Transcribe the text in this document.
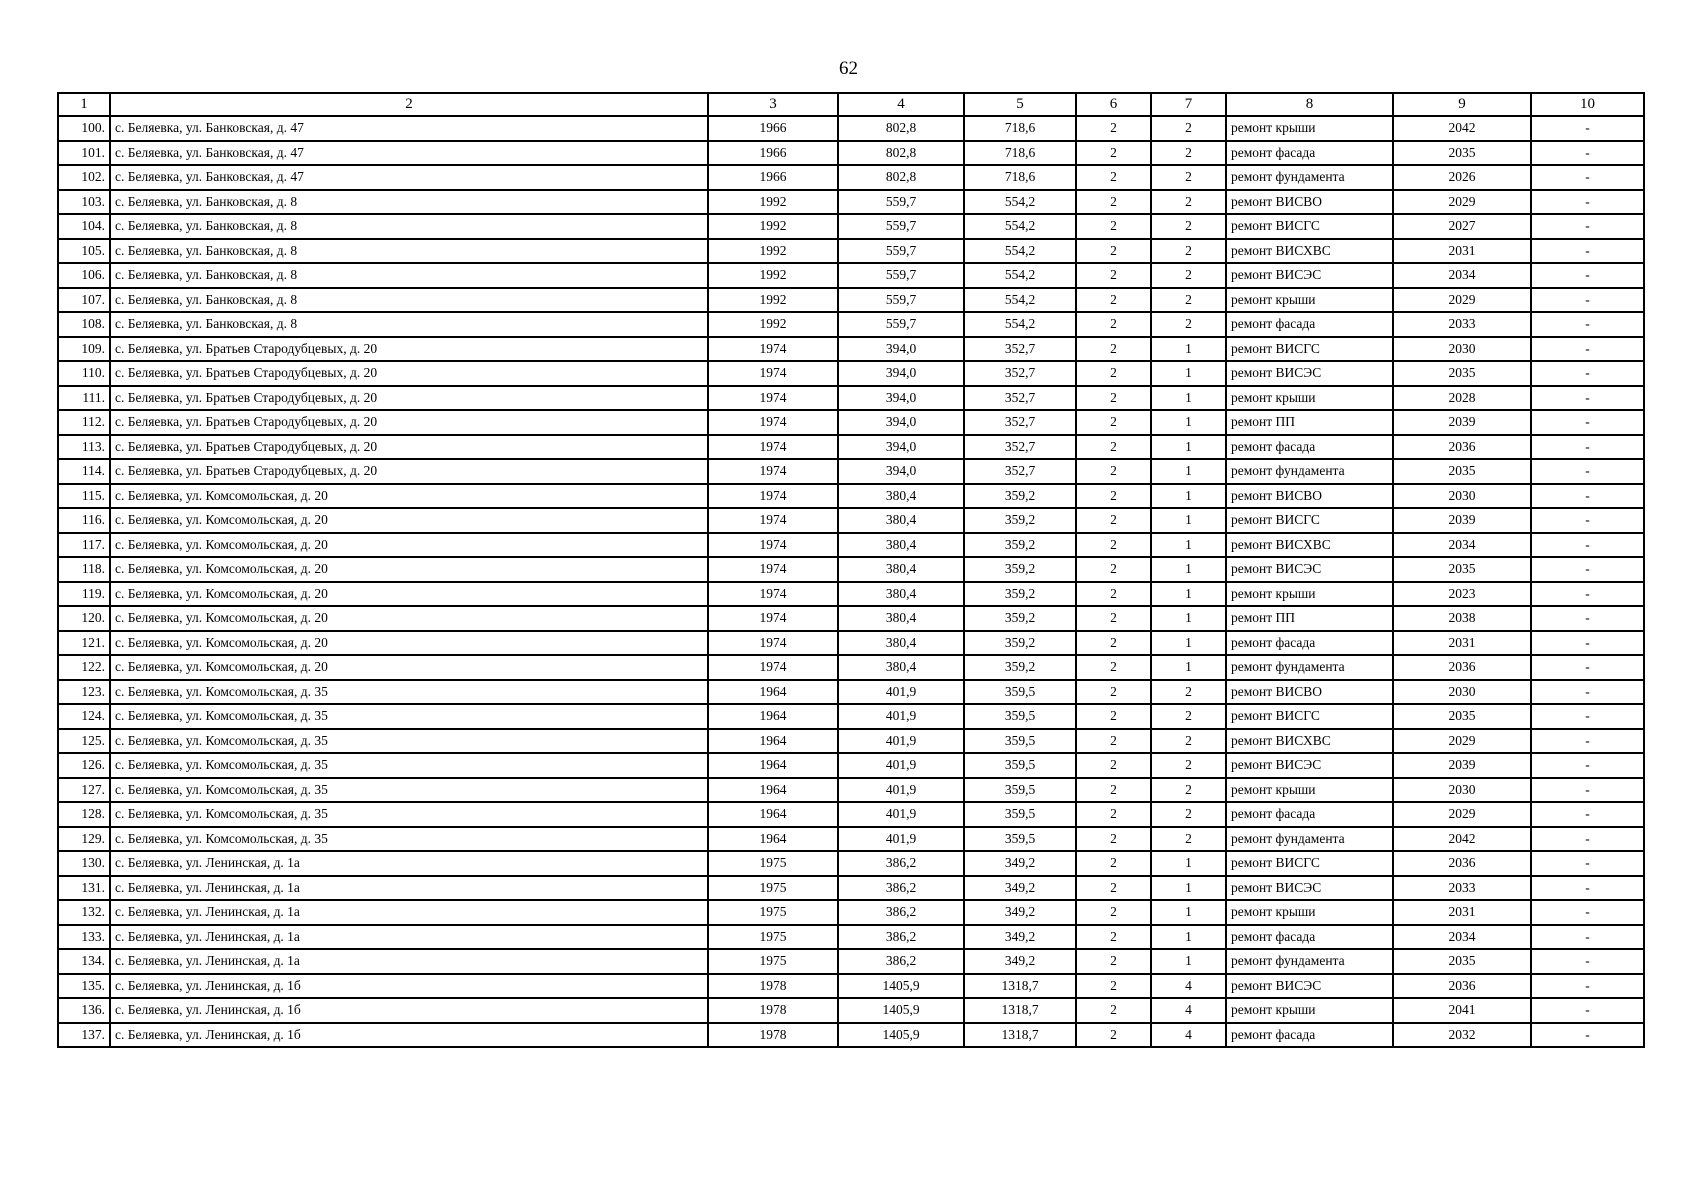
62
1	2	3	4	5	6	7	8	9	10
100.	с. Беляевка, ул. Банковская, д. 47	1966	802,8	718,6	2	2	ремонт крыши	2042	-
101.	с. Беляевка, ул. Банковская, д. 47	1966	802,8	718,6	2	2	ремонт фасада	2035	-
102.	с. Беляевка, ул. Банковская, д. 47	1966	802,8	718,6	2	2	ремонт фундамента	2026	-
103.	с. Беляевка, ул. Банковская, д. 8	1992	559,7	554,2	2	2	ремонт ВИСВО	2029	-
104.	с. Беляевка, ул. Банковская, д. 8	1992	559,7	554,2	2	2	ремонт ВИСГС	2027	-
105.	с. Беляевка, ул. Банковская, д. 8	1992	559,7	554,2	2	2	ремонт ВИСХВС	2031	-
106.	с. Беляевка, ул. Банковская, д. 8	1992	559,7	554,2	2	2	ремонт ВИСЭС	2034	-
107.	с. Беляевка, ул. Банковская, д. 8	1992	559,7	554,2	2	2	ремонт крыши	2029	-
108.	с. Беляевка, ул. Банковская, д. 8	1992	559,7	554,2	2	2	ремонт фасада	2033	-
109.	с. Беляевка, ул. Братьев Стародубцевых, д. 20	1974	394,0	352,7	2	1	ремонт ВИСГС	2030	-
110.	с. Беляевка, ул. Братьев Стародубцевых, д. 20	1974	394,0	352,7	2	1	ремонт ВИСЭС	2035	-
111.	с. Беляевка, ул. Братьев Стародубцевых, д. 20	1974	394,0	352,7	2	1	ремонт крыши	2028	-
112.	с. Беляевка, ул. Братьев Стародубцевых, д. 20	1974	394,0	352,7	2	1	ремонт ПП	2039	-
113.	с. Беляевка, ул. Братьев Стародубцевых, д. 20	1974	394,0	352,7	2	1	ремонт фасада	2036	-
114.	с. Беляевка, ул. Братьев Стародубцевых, д. 20	1974	394,0	352,7	2	1	ремонт фундамента	2035	-
115.	с. Беляевка, ул. Комсомольская, д. 20	1974	380,4	359,2	2	1	ремонт ВИСВО	2030	-
116.	с. Беляевка, ул. Комсомольская, д. 20	1974	380,4	359,2	2	1	ремонт ВИСГС	2039	-
117.	с. Беляевка, ул. Комсомольская, д. 20	1974	380,4	359,2	2	1	ремонт ВИСХВС	2034	-
118.	с. Беляевка, ул. Комсомольская, д. 20	1974	380,4	359,2	2	1	ремонт ВИСЭС	2035	-
119.	с. Беляевка, ул. Комсомольская, д. 20	1974	380,4	359,2	2	1	ремонт крыши	2023	-
120.	с. Беляевка, ул. Комсомольская, д. 20	1974	380,4	359,2	2	1	ремонт ПП	2038	-
121.	с. Беляевка, ул. Комсомольская, д. 20	1974	380,4	359,2	2	1	ремонт фасада	2031	-
122.	с. Беляевка, ул. Комсомольская, д. 20	1974	380,4	359,2	2	1	ремонт фундамента	2036	-
123.	с. Беляевка, ул. Комсомольская, д. 35	1964	401,9	359,5	2	2	ремонт ВИСВО	2030	-
124.	с. Беляевка, ул. Комсомольская, д. 35	1964	401,9	359,5	2	2	ремонт ВИСГС	2035	-
125.	с. Беляевка, ул. Комсомольская, д. 35	1964	401,9	359,5	2	2	ремонт ВИСХВС	2029	-
126.	с. Беляевка, ул. Комсомольская, д. 35	1964	401,9	359,5	2	2	ремонт ВИСЭС	2039	-
127.	с. Беляевка, ул. Комсомольская, д. 35	1964	401,9	359,5	2	2	ремонт крыши	2030	-
128.	с. Беляевка, ул. Комсомольская, д. 35	1964	401,9	359,5	2	2	ремонт фасада	2029	-
129.	с. Беляевка, ул. Комсомольская, д. 35	1964	401,9	359,5	2	2	ремонт фундамента	2042	-
130.	с. Беляевка, ул. Ленинская, д. 1а	1975	386,2	349,2	2	1	ремонт ВИСГС	2036	-
131.	с. Беляевка, ул. Ленинская, д. 1а	1975	386,2	349,2	2	1	ремонт ВИСЭС	2033	-
132.	с. Беляевка, ул. Ленинская, д. 1а	1975	386,2	349,2	2	1	ремонт крыши	2031	-
133.	с. Беляевка, ул. Ленинская, д. 1а	1975	386,2	349,2	2	1	ремонт фасада	2034	-
134.	с. Беляевка, ул. Ленинская, д. 1а	1975	386,2	349,2	2	1	ремонт фундамента	2035	-
135.	с. Беляевка, ул. Ленинская, д. 1б	1978	1405,9	1318,7	2	4	ремонт ВИСЭС	2036	-
136.	с. Беляевка, ул. Ленинская, д. 1б	1978	1405,9	1318,7	2	4	ремонт крыши	2041	-
137.	с. Беляевка, ул. Ленинская, д. 1б	1978	1405,9	1318,7	2	4	ремонт фасада	2032	-
